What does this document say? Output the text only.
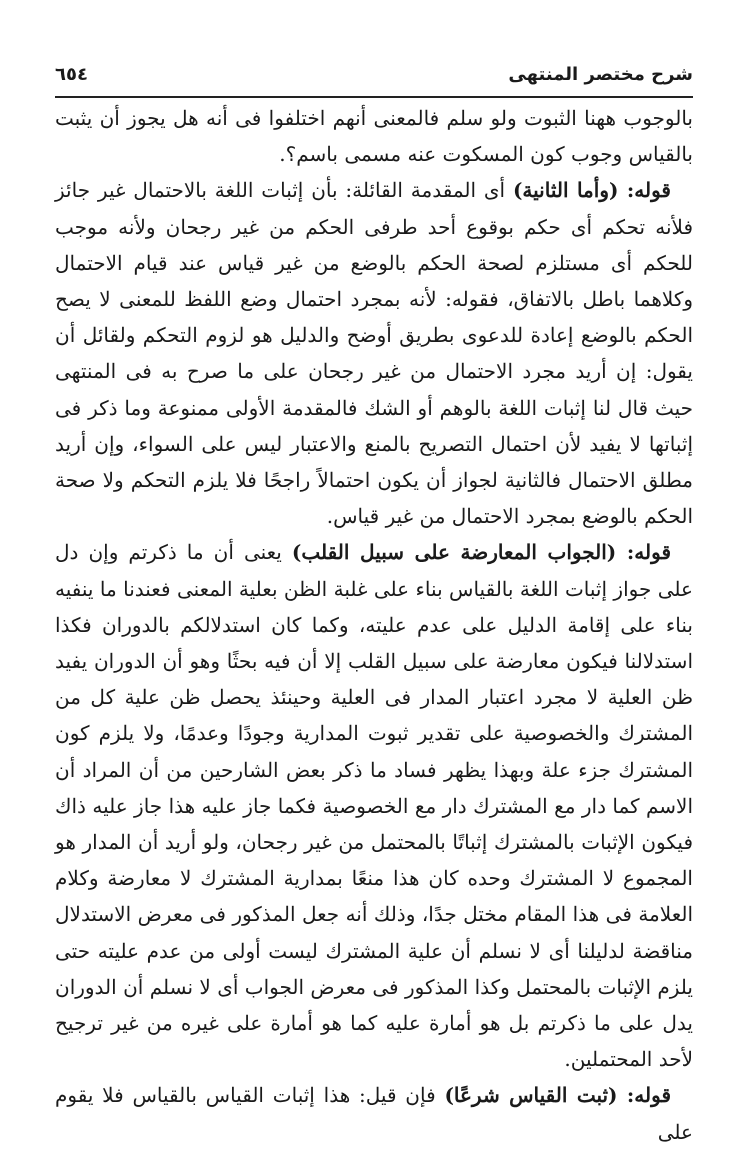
شرح مختصر المنتهى
٦٥٤

بالوجوب ههنا الثبوت ولو سلم فالمعنى أنهم اختلفوا فى أنه هل يجوز أن يثبت بالقياس وجوب كون المسكوت عنه مسمى باسم؟.

قوله: (وأما الثانية) أى المقدمة القائلة: بأن إثبات اللغة بالاحتمال غير جائز فلأنه تحكم أى حكم بوقوع أحد طرفى الحكم من غير رجحان ولأنه موجب للحكم أى مستلزم لصحة الحكم بالوضع من غير قياس عند قيام الاحتمال وكلاهما باطل بالاتفاق، فقوله: لأنه بمجرد احتمال وضع اللفظ للمعنى لا يصح الحكم بالوضع إعادة للدعوى بطريق أوضح والدليل هو لزوم التحكم ولقائل أن يقول: إن أريد مجرد الاحتمال من غير رجحان على ما صرح به فى المنتهى حيث قال لنا إثبات اللغة بالوهم أو الشك فالمقدمة الأولى ممنوعة وما ذكر فى إثباتها لا يفيد لأن احتمال التصريح بالمنع والاعتبار ليس على السواء، وإن أريد مطلق الاحتمال فالثانية لجواز أن يكون احتمالاً راجحًا فلا يلزم التحكم ولا صحة الحكم بالوضع بمجرد الاحتمال من غير قياس.

قوله: (الجواب المعارضة على سبيل القلب) يعنى أن ما ذكرتم وإن دل على جواز إثبات اللغة بالقياس بناء على غلبة الظن بعلية المعنى فعندنا ما ينفيه بناء على إقامة الدليل على عدم عليته، وكما كان استدلالكم بالدوران فكذا استدلالنا فيكون معارضة على سبيل القلب إلا أن فيه بحثًا وهو أن الدوران يفيد ظن العلية لا مجرد اعتبار المدار فى العلية وحينئذ يحصل ظن علية كل من المشترك والخصوصية على تقدير ثبوت المدارية وجودًا وعدمًا، ولا يلزم كون المشترك جزء علة وبهذا يظهر فساد ما ذكر بعض الشارحين من أن المراد أن الاسم كما دار مع المشترك دار مع الخصوصية فكما جاز عليه هذا جاز عليه ذاك فيكون الإثبات بالمشترك إثباتًا بالمحتمل من غير رجحان، ولو أريد أن المدار هو المجموع لا المشترك وحده كان هذا منعًا بمدارية المشترك لا معارضة وكلام العلامة فى هذا المقام مختل جدًا، وذلك أنه جعل المذكور فى معرض الاستدلال مناقضة لدليلنا أى لا نسلم أن علية المشترك ليست أولى من عدم عليته حتى يلزم الإثبات بالمحتمل وكذا المذكور فى معرض الجواب أى لا نسلم أن الدوران يدل على ما ذكرتم بل هو أمارة عليه كما هو أمارة على غيره من غير ترجيح لأحد المحتملين.

قوله: (ثبت القياس شرعًا) فإن قيل: هذا إثبات القياس بالقياس فلا يقوم على
